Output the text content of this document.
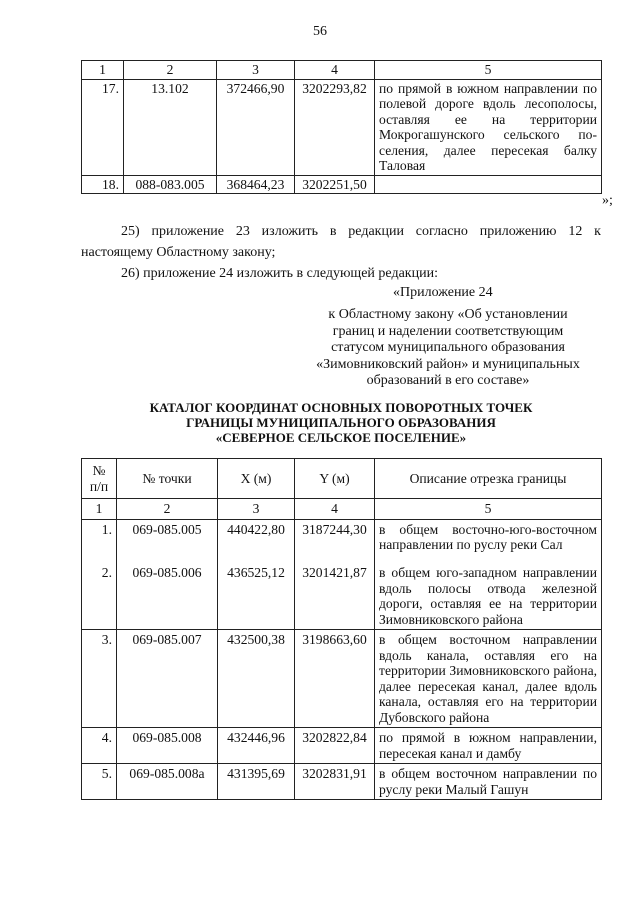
56
1	2	3	4	5
17.	13.102	372466,90	3202293,82	по прямой в южном направлении по полевой дороге вдоль лесополосы, оставляя ее на территории Мокрогашунского сельского поселения, далее пересекая балку Таловая
18.	088-083.005	368464,23	3202251,50	
»;
25) приложение 23 изложить в редакции согласно приложению 12 к настоящему Областному закону;
26) приложение 24 изложить в следующей редакции:
«Приложение 24
к Областному закону «Об установлении
границ и наделении соответствующим
статусом муниципального образования
«Зимовниковский район» и муниципальных
образований в его составе»
КАТАЛОГ КООРДИНАТ ОСНОВНЫХ ПОВОРОТНЫХ ТОЧЕК
ГРАНИЦЫ МУНИЦИПАЛЬНОГО ОБРАЗОВАНИЯ
«СЕВЕРНОЕ СЕЛЬСКОЕ ПОСЕЛЕНИЕ»
№ п/п	№ точки	X (м)	Y (м)	Описание отрезка границы
1	2	3	4	5
1.	069-085.005	440422,80	3187244,30	в общем восточно-юго-восточном направлении по руслу реки Сал
2.	069-085.006	436525,12	3201421,87	в общем юго-западном направлении вдоль полосы отвода железной дороги, оставляя ее на территории Зимовниковского района
3.	069-085.007	432500,38	3198663,60	в общем восточном направлении вдоль канала, оставляя его на территории Зимовниковского района, далее пересекая канал, далее вдоль канала, оставляя его на территории Дубовского района
4.	069-085.008	432446,96	3202822,84	по прямой в южном направлении, пересекая канал и дамбу
5.	069-085.008а	431395,69	3202831,91	в общем восточном направлении по руслу реки Малый Гашун
